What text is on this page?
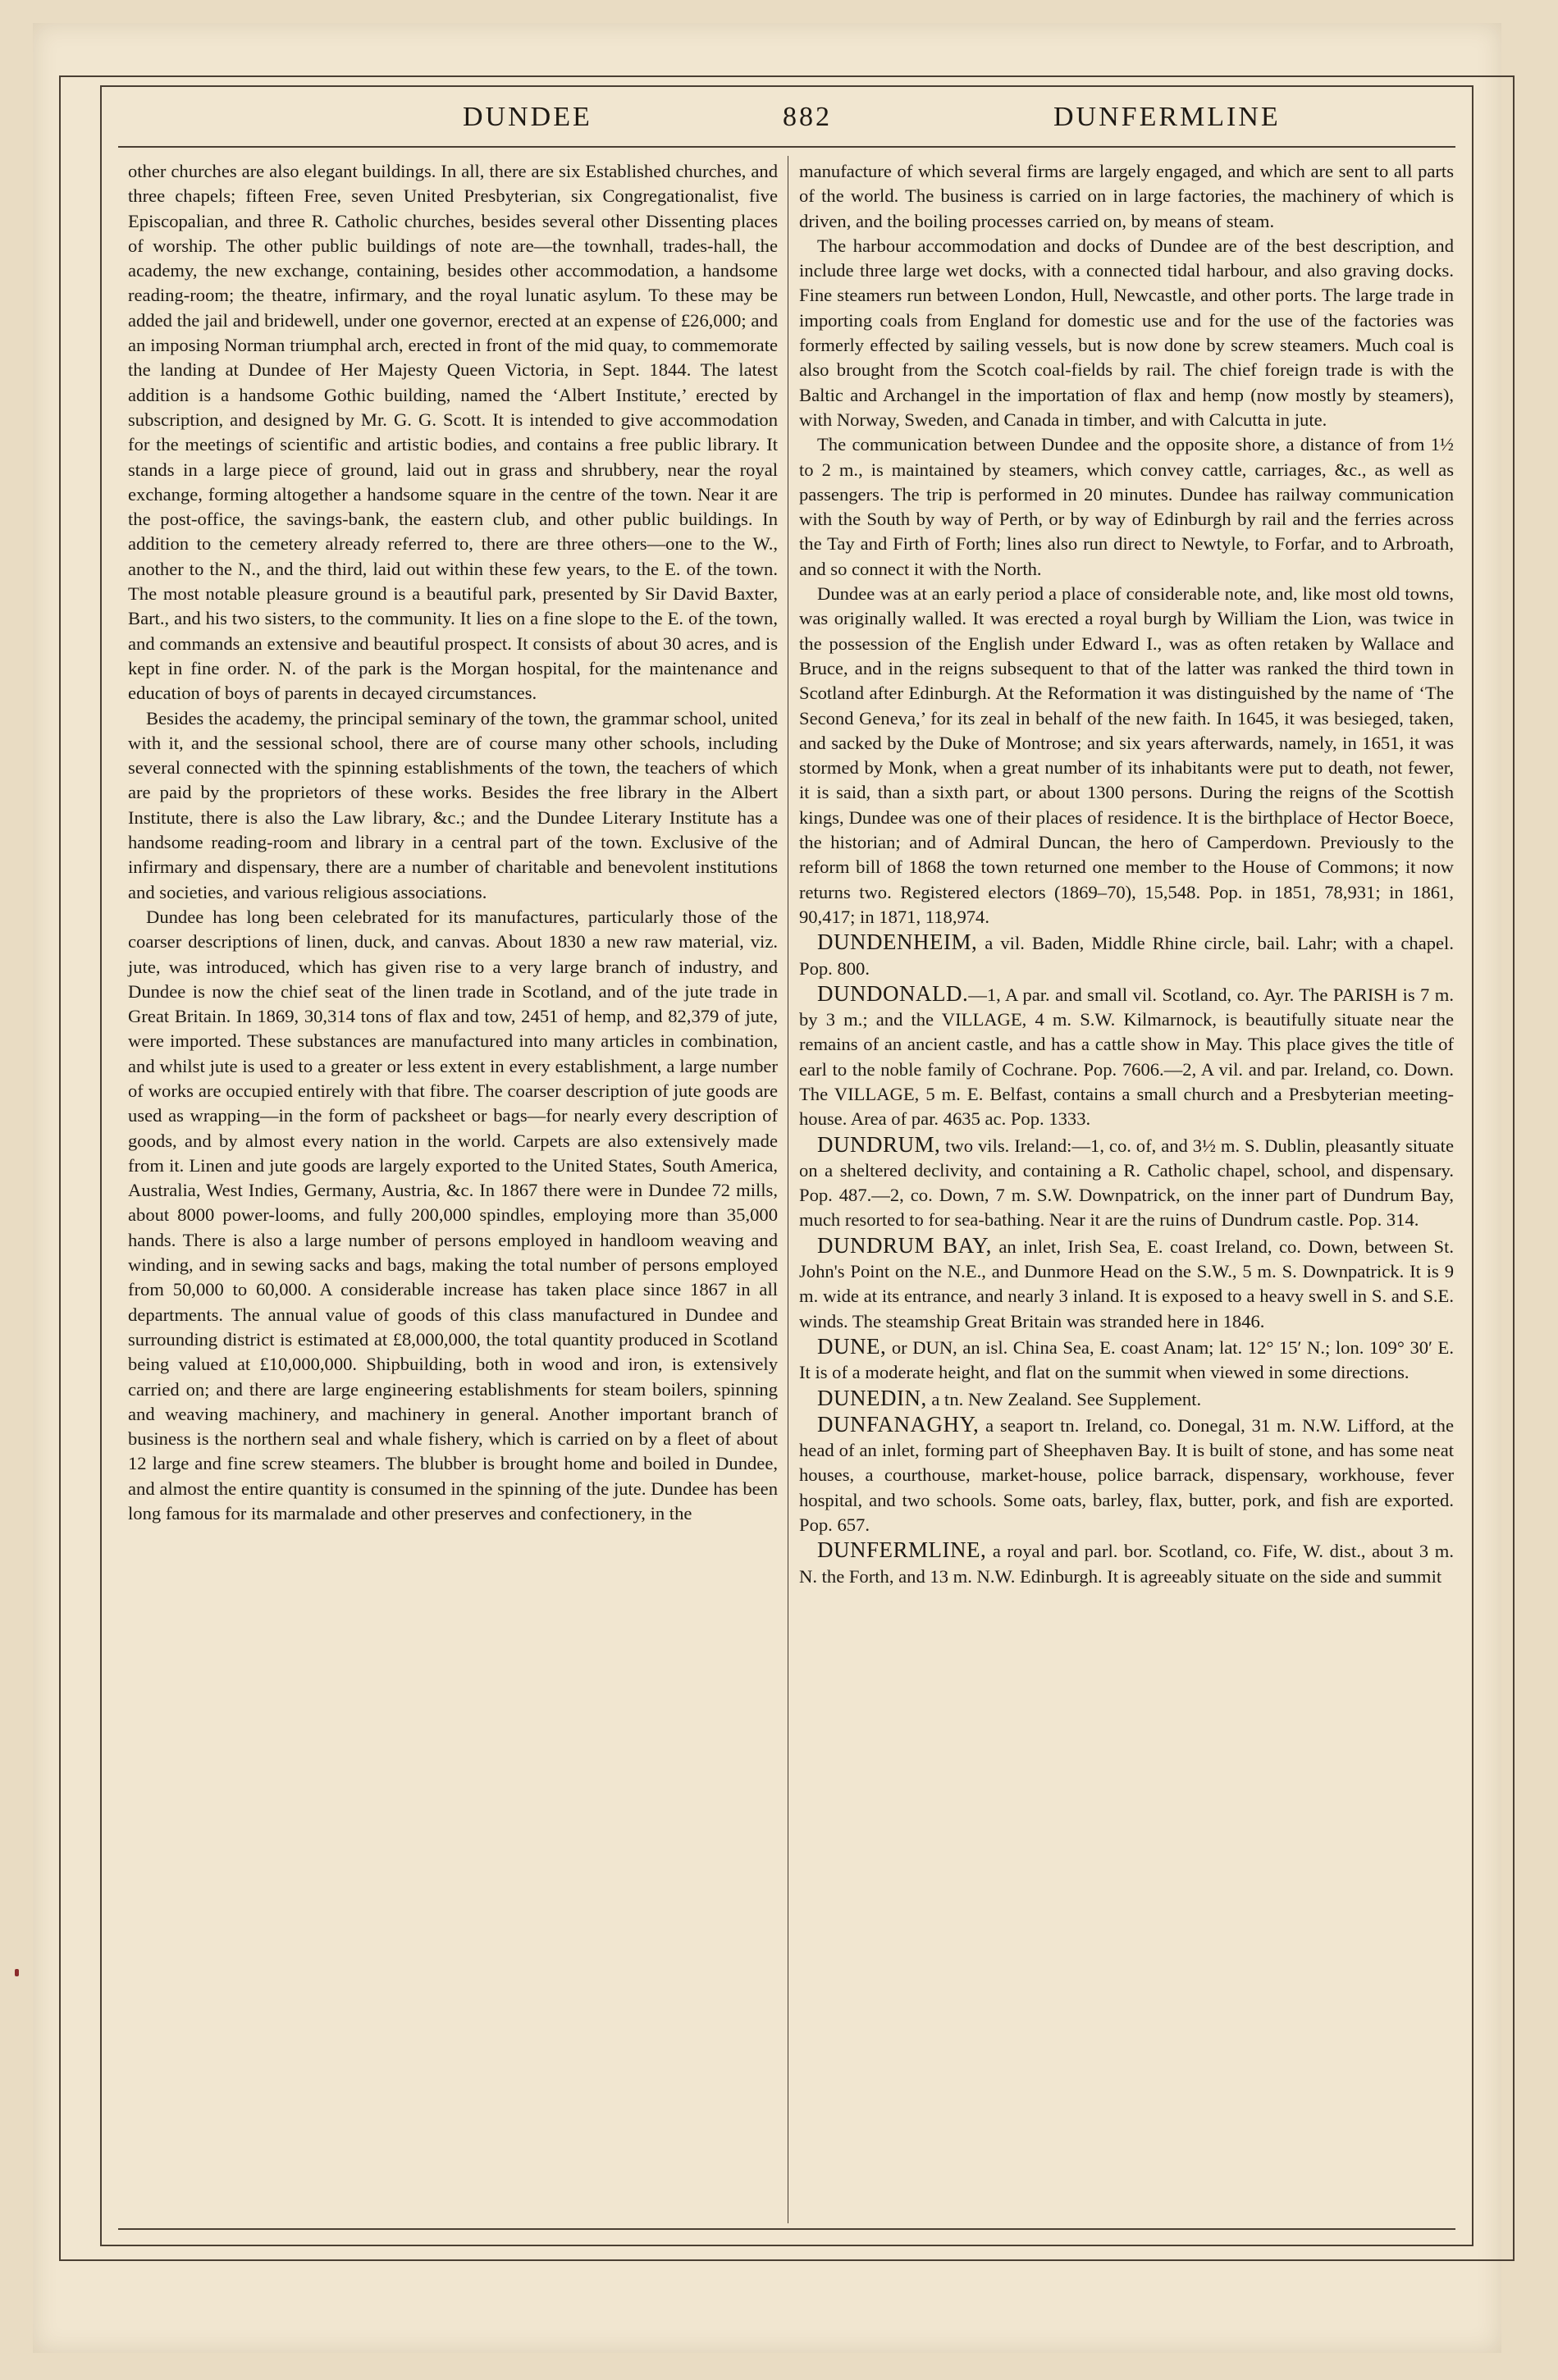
DUNDEE	882	DUNFERMLINE

other churches are also elegant buildings. In all, there are six Established churches, and three chapels; fifteen Free, seven United Presbyterian, six Congregationalist, five Episcopalian, and three R. Catholic churches, besides several other Dissenting places of worship. The other public buildings of note are—the townhall, trades-hall, the academy, the new exchange, containing, besides other accommodation, a handsome reading-room; the theatre, infirmary, and the royal lunatic asylum. To these may be added the jail and bridewell, under one governor, erected at an expense of £26,000; and an imposing Norman triumphal arch, erected in front of the mid quay, to commemorate the landing at Dundee of Her Majesty Queen Victoria, in Sept. 1844. The latest addition is a handsome Gothic building, named the ‘Albert Institute,’ erected by subscription, and designed by Mr. G. G. Scott. It is intended to give accommodation for the meetings of scientific and artistic bodies, and contains a free public library. It stands in a large piece of ground, laid out in grass and shrubbery, near the royal exchange, forming altogether a handsome square in the centre of the town. Near it are the post-office, the savings-bank, the eastern club, and other public buildings. In addition to the cemetery already referred to, there are three others—one to the W., another to the N., and the third, laid out within these few years, to the E. of the town. The most notable pleasure ground is a beautiful park, presented by Sir David Baxter, Bart., and his two sisters, to the community. It lies on a fine slope to the E. of the town, and commands an extensive and beautiful prospect. It consists of about 30 acres, and is kept in fine order. N. of the park is the Morgan hospital, for the maintenance and education of boys of parents in decayed circumstances.

Besides the academy, the principal seminary of the town, the grammar school, united with it, and the sessional school, there are of course many other schools, including several connected with the spinning establishments of the town, the teachers of which are paid by the proprietors of these works. Besides the free library in the Albert Institute, there is also the Law library, &c.; and the Dundee Literary Institute has a handsome reading-room and library in a central part of the town. Exclusive of the infirmary and dispensary, there are a number of charitable and benevolent institutions and societies, and various religious associations.

Dundee has long been celebrated for its manufactures, particularly those of the coarser descriptions of linen, duck, and canvas. About 1830 a new raw material, viz. jute, was introduced, which has given rise to a very large branch of industry, and Dundee is now the chief seat of the linen trade in Scotland, and of the jute trade in Great Britain. In 1869, 30,314 tons of flax and tow, 2451 of hemp, and 82,379 of jute, were imported. These substances are manufactured into many articles in combination, and whilst jute is used to a greater or less extent in every establishment, a large number of works are occupied entirely with that fibre. The coarser description of jute goods are used as wrapping—in the form of packsheet or bags—for nearly every description of goods, and by almost every nation in the world. Carpets are also extensively made from it. Linen and jute goods are largely exported to the United States, South America, Australia, West Indies, Germany, Austria, &c. In 1867 there were in Dundee 72 mills, about 8000 power-looms, and fully 200,000 spindles, employing more than 35,000 hands. There is also a large number of persons employed in handloom weaving and winding, and in sewing sacks and bags, making the total number of persons employed from 50,000 to 60,000. A considerable increase has taken place since 1867 in all departments. The annual value of goods of this class manufactured in Dundee and surrounding district is estimated at £8,000,000, the total quantity produced in Scotland being valued at £10,000,000. Shipbuilding, both in wood and iron, is extensively carried on; and there are large engineering establishments for steam boilers, spinning and weaving machinery, and machinery in general. Another important branch of business is the northern seal and whale fishery, which is carried on by a fleet of about 12 large and fine screw steamers. The blubber is brought home and boiled in Dundee, and almost the entire quantity is consumed in the spinning of the jute. Dundee has been long famous for its marmalade and other preserves and confectionery, in the

manufacture of which several firms are largely engaged, and which are sent to all parts of the world. The business is carried on in large factories, the machinery of which is driven, and the boiling processes carried on, by means of steam.

The harbour accommodation and docks of Dundee are of the best description, and include three large wet docks, with a connected tidal harbour, and also graving docks. Fine steamers run between London, Hull, Newcastle, and other ports. The large trade in importing coals from England for domestic use and for the use of the factories was formerly effected by sailing vessels, but is now done by screw steamers. Much coal is also brought from the Scotch coal-fields by rail. The chief foreign trade is with the Baltic and Archangel in the importation of flax and hemp (now mostly by steamers), with Norway, Sweden, and Canada in timber, and with Calcutta in jute.

The communication between Dundee and the opposite shore, a distance of from 1½ to 2 m., is maintained by steamers, which convey cattle, carriages, &c., as well as passengers. The trip is performed in 20 minutes. Dundee has railway communication with the South by way of Perth, or by way of Edinburgh by rail and the ferries across the Tay and Firth of Forth; lines also run direct to Newtyle, to Forfar, and to Arbroath, and so connect it with the North.

Dundee was at an early period a place of considerable note, and, like most old towns, was originally walled. It was erected a royal burgh by William the Lion, was twice in the possession of the English under Edward I., was as often retaken by Wallace and Bruce, and in the reigns subsequent to that of the latter was ranked the third town in Scotland after Edinburgh. At the Reformation it was distinguished by the name of ‘The Second Geneva,’ for its zeal in behalf of the new faith. In 1645, it was besieged, taken, and sacked by the Duke of Montrose; and six years afterwards, namely, in 1651, it was stormed by Monk, when a great number of its inhabitants were put to death, not fewer, it is said, than a sixth part, or about 1300 persons. During the reigns of the Scottish kings, Dundee was one of their places of residence. It is the birthplace of Hector Boece, the historian; and of Admiral Duncan, the hero of Camperdown. Previously to the reform bill of 1868 the town returned one member to the House of Commons; it now returns two. Registered electors (1869–70), 15,548. Pop. in 1851, 78,931; in 1861, 90,417; in 1871, 118,974.

DUNDENHEIM, a vil. Baden, Middle Rhine circle, bail. Lahr; with a chapel. Pop. 800.

DUNDONALD.—1, A par. and small vil. Scotland, co. Ayr. The PARISH is 7 m. by 3 m.; and the VILLAGE, 4 m. S.W. Kilmarnock, is beautifully situate near the remains of an ancient castle, and has a cattle show in May. This place gives the title of earl to the noble family of Cochrane. Pop. 7606.—2, A vil. and par. Ireland, co. Down. The VILLAGE, 5 m. E. Belfast, contains a small church and a Presbyterian meeting-house. Area of par. 4635 ac. Pop. 1333.

DUNDRUM, two vils. Ireland:—1, co. of, and 3½ m. S. Dublin, pleasantly situate on a sheltered declivity, and containing a R. Catholic chapel, school, and dispensary. Pop. 487.—2, co. Down, 7 m. S.W. Downpatrick, on the inner part of Dundrum Bay, much resorted to for sea-bathing. Near it are the ruins of Dundrum castle. Pop. 314.

DUNDRUM BAY, an inlet, Irish Sea, E. coast Ireland, co. Down, between St. John's Point on the N.E., and Dunmore Head on the S.W., 5 m. S. Downpatrick. It is 9 m. wide at its entrance, and nearly 3 inland. It is exposed to a heavy swell in S. and S.E. winds. The steamship Great Britain was stranded here in 1846.

DUNE, or DUN, an isl. China Sea, E. coast Anam; lat. 12° 15′ N.; lon. 109° 30′ E. It is of a moderate height, and flat on the summit when viewed in some directions.

DUNEDIN, a tn. New Zealand. See Supplement.

DUNFANAGHY, a seaport tn. Ireland, co. Donegal, 31 m. N.W. Lifford, at the head of an inlet, forming part of Sheephaven Bay. It is built of stone, and has some neat houses, a courthouse, market-house, police barrack, dispensary, workhouse, fever hospital, and two schools. Some oats, barley, flax, butter, pork, and fish are exported. Pop. 657.

DUNFERMLINE, a royal and parl. bor. Scotland, co. Fife, W. dist., about 3 m. N. the Forth, and 13 m. N.W. Edinburgh. It is agreeably situate on the side and summit
